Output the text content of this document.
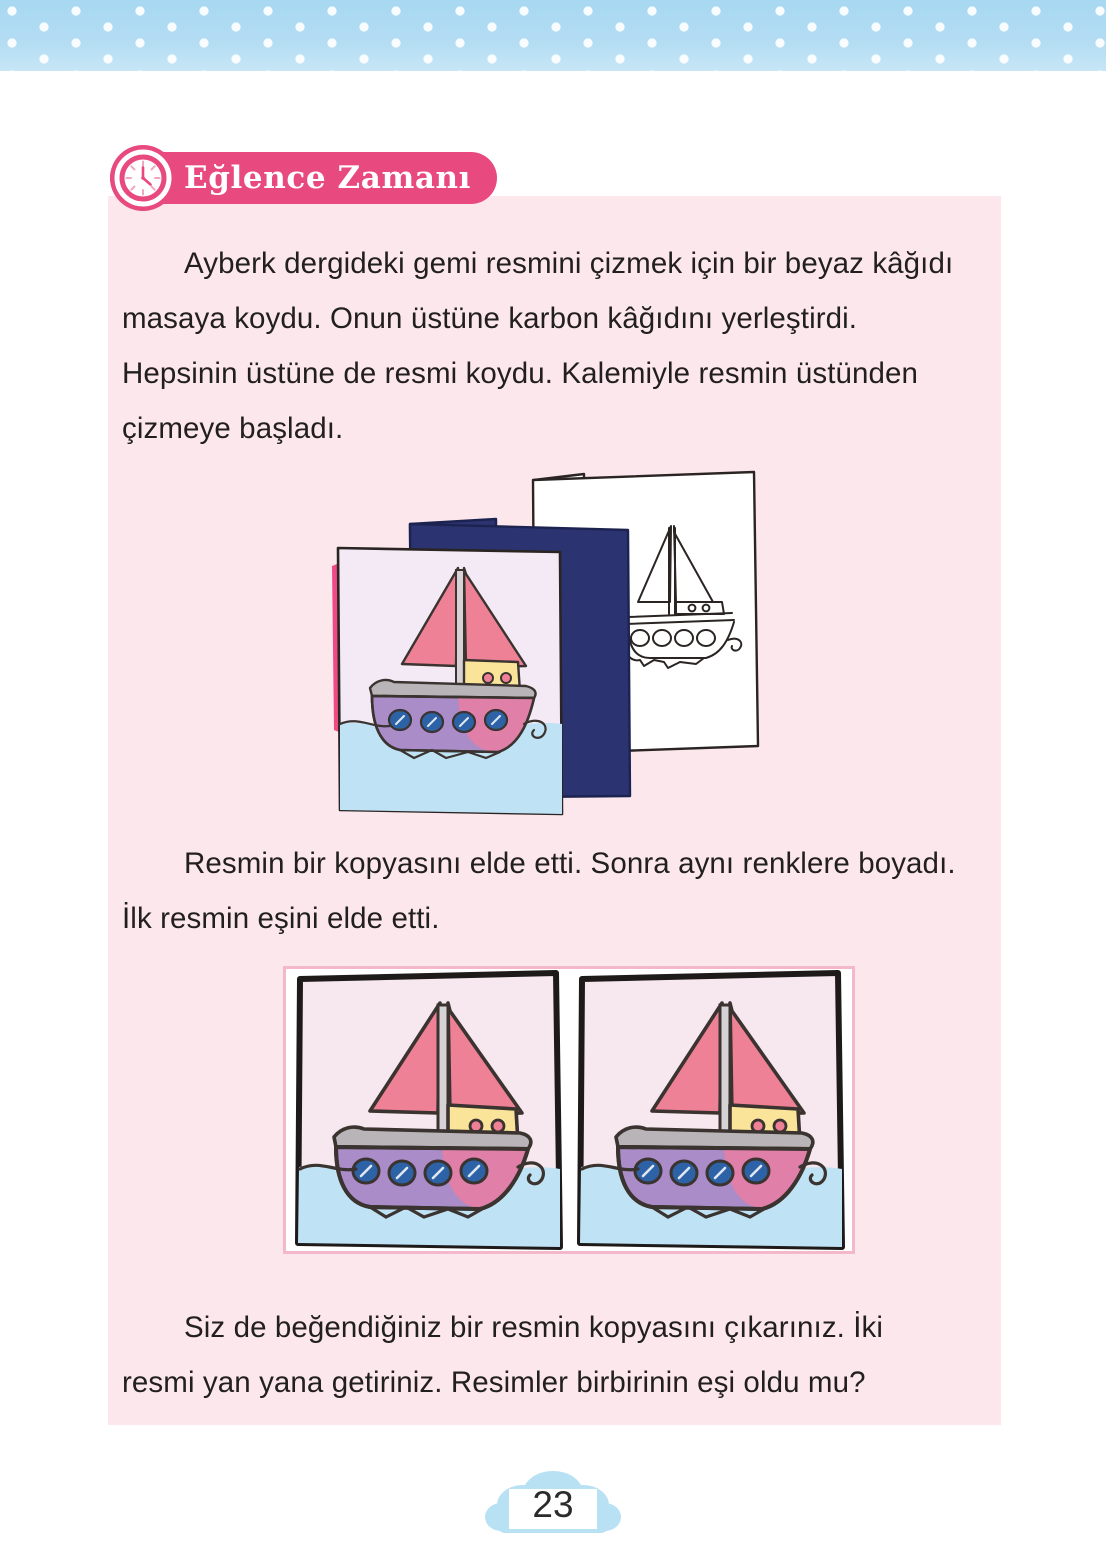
Eğlence Zamanı

Ayberk dergideki gemi resmini çizmek için bir beyaz kâğıdı

masaya koydu. Onun üstüne karbon kâğıdını yerleştirdi.

Hepsinin üstüne de resmi koydu. Kalemiyle resmin üstünden

çizmeye başladı.

Resmin bir kopyasını elde etti. Sonra aynı renklere boyadı.

İlk resmin eşini elde etti.

Siz de beğendiğiniz bir resmin kopyasını çıkarınız. İki

resmi yan yana getiriniz. Resimler birbirinin eşi oldu mu?

23
